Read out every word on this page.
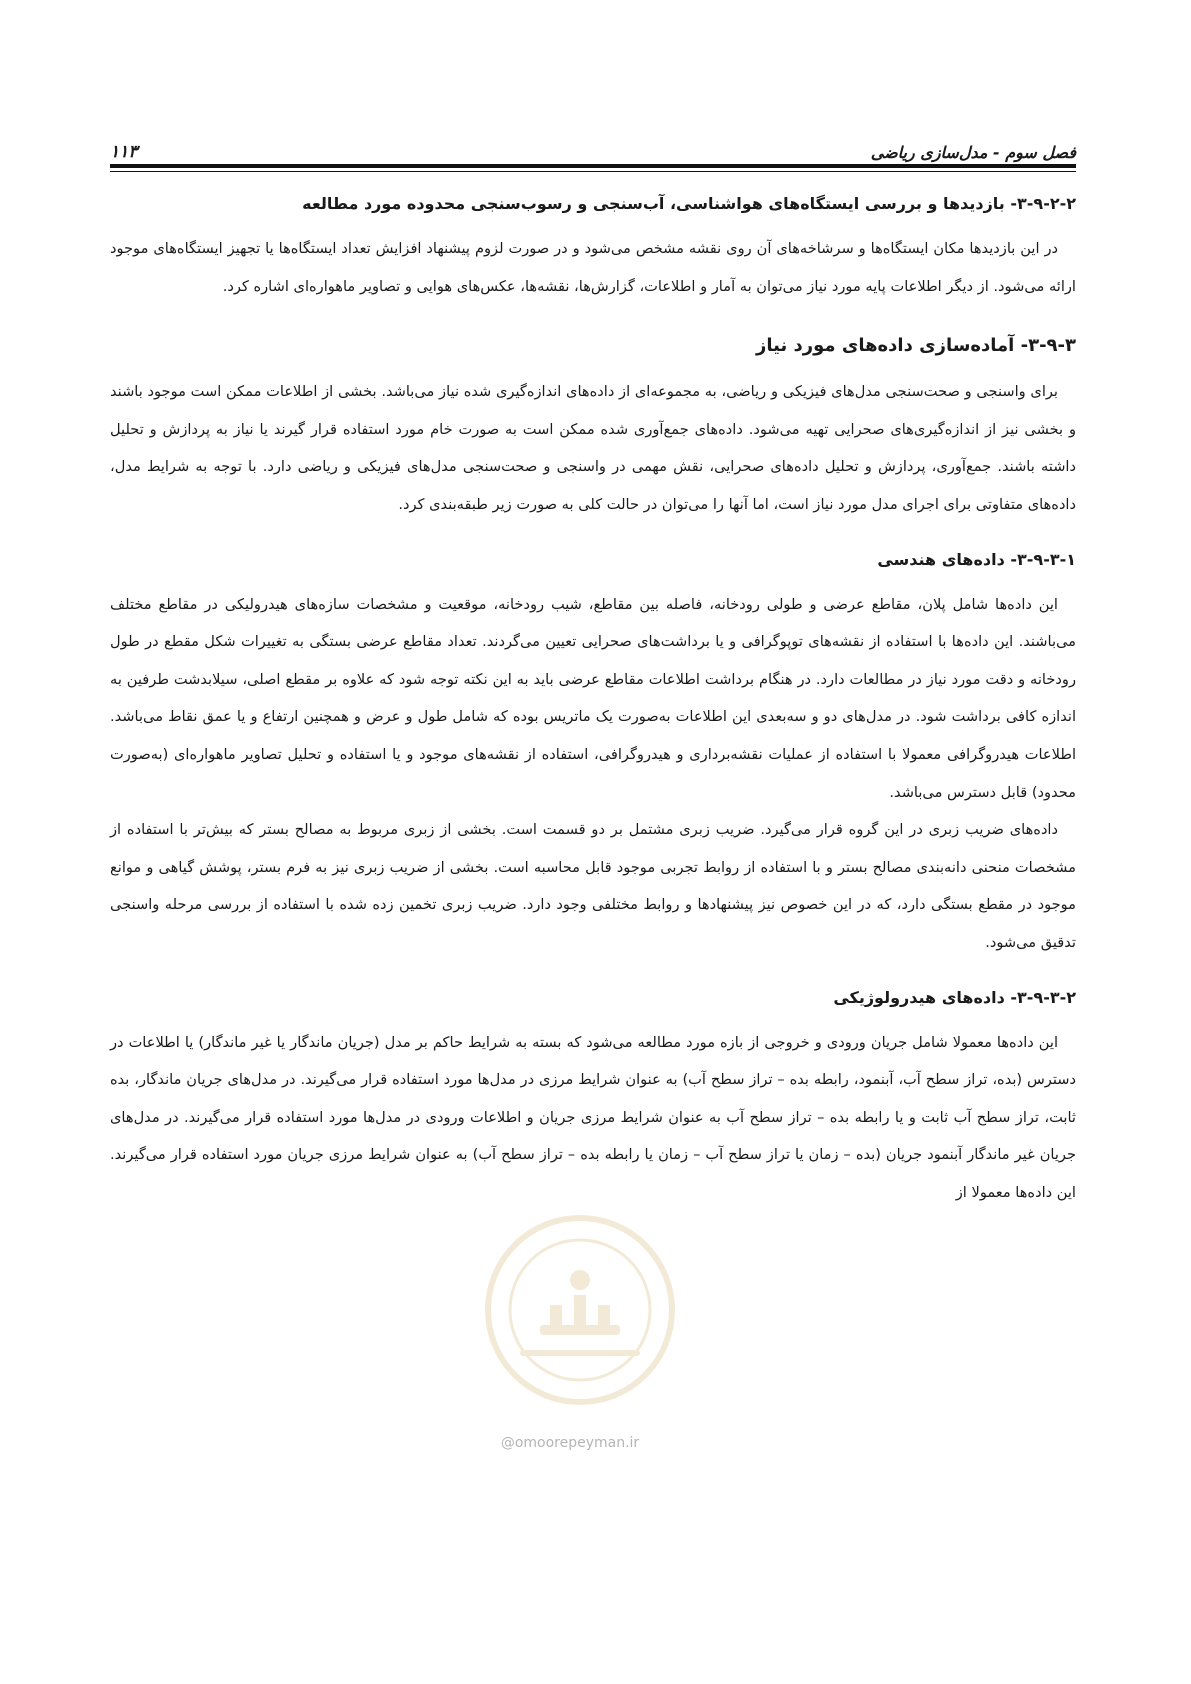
فصل سوم - مدل‌سازی ریاضی
۱۱۳
۳-۹-۲-۲- بازدیدها و بررسی ایستگاه‌های هواشناسی، آب‌سنجی و رسوب‌سنجی محدوده مورد مطالعه

در این بازدیدها مکان ایستگاه‌ها و سرشاخه‌های آن روی نقشه مشخص می‌شود و در صورت لزوم پیشنهاد افزایش تعداد ایستگاه‌ها یا تجهیز ایستگاه‌های موجود ارائه می‌شود. از دیگر اطلاعات پایه مورد نیاز می‌توان به آمار و اطلاعات، گزارش‌ها، نقشه‌ها، عکس‌های هوایی و تصاویر ماهواره‌ای اشاره کرد.

۳-۹-۳- آماده‌سازی داده‌های مورد نیاز

برای واسنجی و صحت‌سنجی مدل‌های فیزیکی و ریاضی، به مجموعه‌ای از داده‌های اندازه‌گیری شده نیاز می‌باشد. بخشی از اطلاعات ممکن است موجود باشند و بخشی نیز از اندازه‌گیری‌های صحرایی تهیه می‌شود. داده‌های جمع‌آوری شده ممکن است به صورت خام مورد استفاده قرار گیرند یا نیاز به پردازش و تحلیل داشته باشند. جمع‌آوری، پردازش و تحلیل داده‌های صحرایی، نقش مهمی در واسنجی و صحت‌سنجی مدل‌های فیزیکی و ریاضی دارد. با توجه به شرایط مدل، داده‌های متفاوتی برای اجرای مدل مورد نیاز است، اما آنها را می‌توان در حالت کلی به صورت زیر طبقه‌بندی کرد.

۳-۹-۳-۱- داده‌های هندسی

این داده‌ها شامل پلان، مقاطع عرضی و طولی رودخانه، فاصله بین مقاطع، شیب رودخانه، موقعیت و مشخصات سازه‌های هیدرولیکی در مقاطع مختلف می‌باشند. این داده‌ها با استفاده از نقشه‌های توپوگرافی و یا برداشت‌های صحرایی تعیین می‌گردند. تعداد مقاطع عرضی بستگی به تغییرات شکل مقطع در طول رودخانه و دقت مورد نیاز در مطالعات دارد. در هنگام برداشت اطلاعات مقاطع عرضی باید به این نکته توجه شود که علاوه بر مقطع اصلی، سیلابدشت طرفین به اندازه کافی برداشت شود. در مدل‌های دو و سه‌بعدی این اطلاعات به‌صورت یک ماتریس بوده که شامل طول و عرض و همچنین ارتفاع و یا عمق نقاط می‌باشد. اطلاعات هیدروگرافی معمولا با استفاده از عملیات نقشه‌برداری و هیدروگرافی، استفاده از نقشه‌های موجود و یا استفاده و تحلیل تصاویر ماهواره‌ای (به‌صورت محدود) قابل دسترس می‌باشد.

داده‌های ضریب زبری در این گروه قرار می‌گیرد. ضریب زبری مشتمل بر دو قسمت است. بخشی از زبری مربوط به مصالح بستر که بیش‌تر با استفاده از مشخصات منحنی دانه‌بندی مصالح بستر و با استفاده از روابط تجربی موجود قابل محاسبه است. بخشی از ضریب زبری نیز به فرم بستر، پوشش گیاهی و موانع موجود در مقطع بستگی دارد، که در این خصوص نیز پیشنهادها و روابط مختلفی وجود دارد. ضریب زبری تخمین زده شده با استفاده از بررسی مرحله واسنجی تدقیق می‌شود.

۳-۹-۳-۲- داده‌های هیدرولوژیکی

این داده‌ها معمولا شامل جریان ورودی و خروجی از بازه مورد مطالعه می‌شود که بسته به شرایط حاکم بر مدل (جریان ماندگار یا غیر ماندگار) یا اطلاعات در دسترس (بده، تراز سطح آب، آبنمود، رابطه بده – تراز سطح آب) به عنوان شرایط مرزی در مدل‌ها مورد استفاده قرار می‌گیرند. در مدل‌های جریان ماندگار، بده ثابت، تراز سطح آب ثابت و یا رابطه بده – تراز سطح آب به عنوان شرایط مرزی جریان و اطلاعات ورودی در مدل‌ها مورد استفاده قرار می‌گیرند. در مدل‌های جریان غیر ماندگار آبنمود جریان (بده – زمان یا تراز سطح آب – زمان یا رابطه بده – تراز سطح آب) به عنوان شرایط مرزی جریان مورد استفاده قرار می‌گیرند. این داده‌ها معمولا از

@omoorepeyman.ir
